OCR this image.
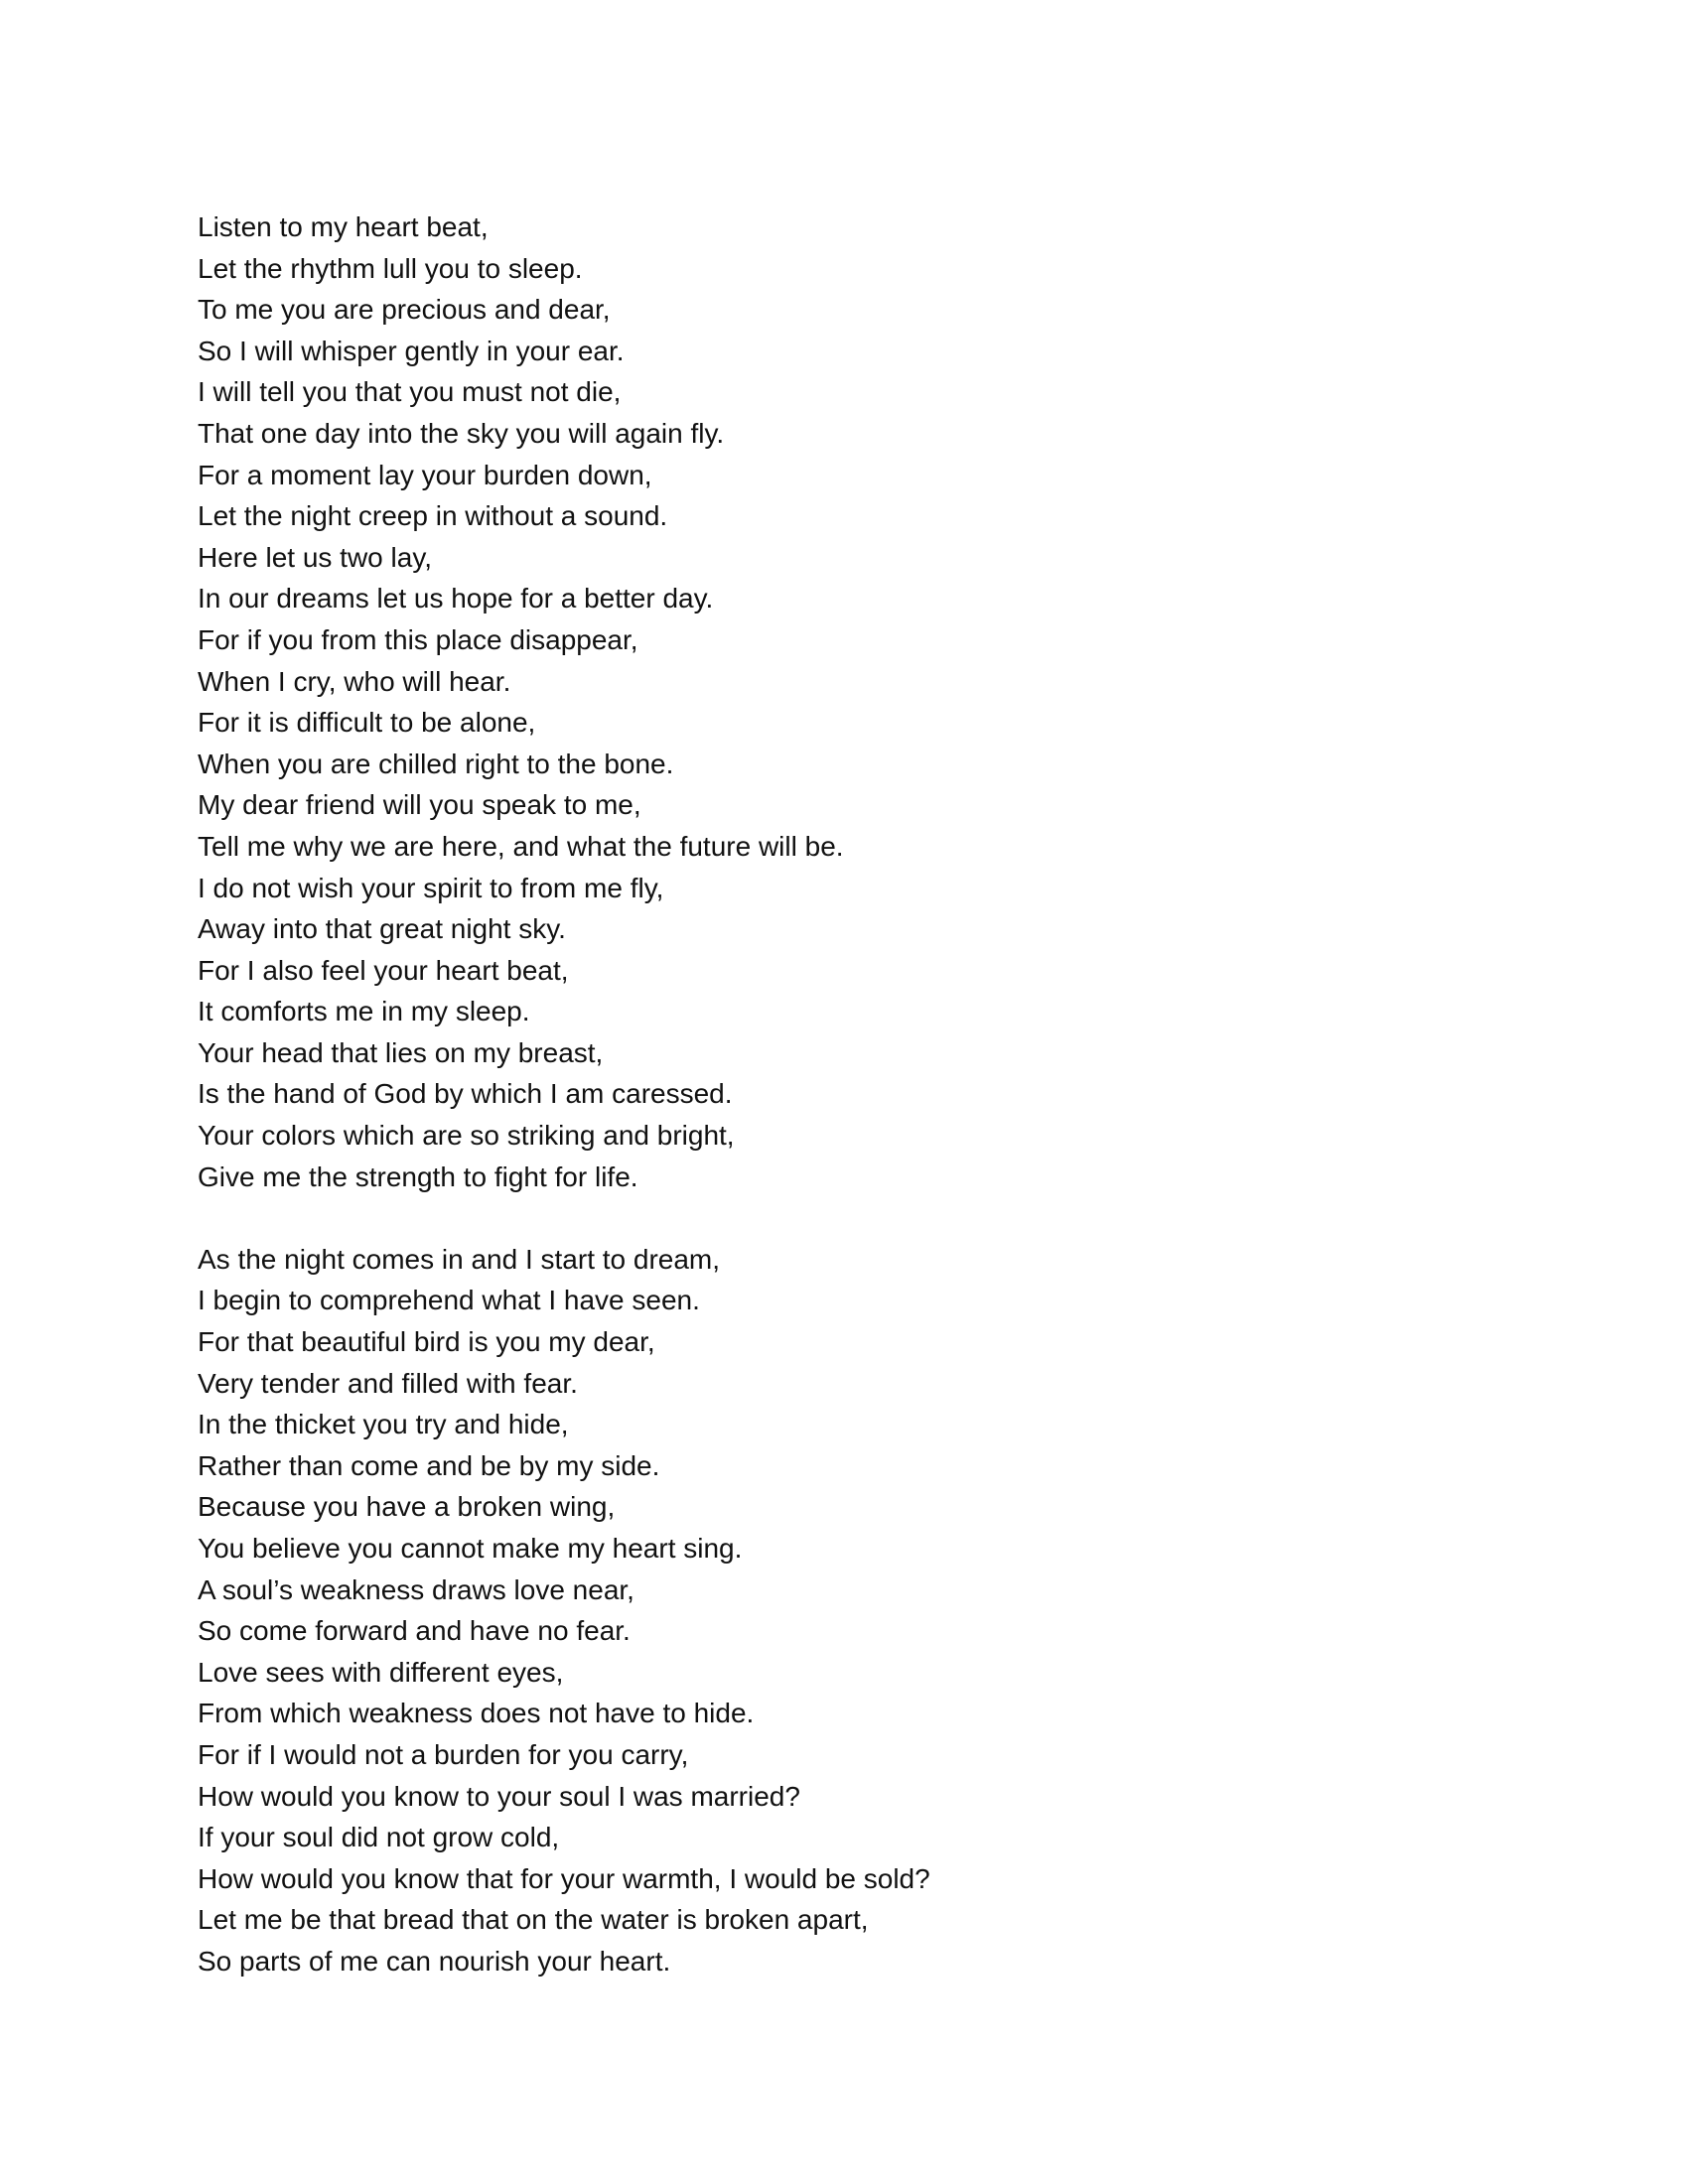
Listen to my heart beat,
Let the rhythm lull you to sleep.
To me you are precious and dear,
So I will whisper gently in your ear.
I will tell you that you must not die,
That one day into the sky you will again fly.
For a moment lay your burden down,
Let the night creep in without a sound.
Here let us two lay,
In our dreams let us hope for a better day.
For if you from this place disappear,
When I cry, who will hear.
For it is difficult to be alone,
When you are chilled right to the bone.
My dear friend will you speak to me,
Tell me why we are here, and what the future will be.
I do not wish your spirit to from me fly,
Away into that great night sky.
For I also feel your heart beat,
It comforts me in my sleep.
Your head that lies on my breast,
Is the hand of God by which I am caressed.
Your colors which are so striking and bright,
Give me the strength to fight for life.
As the night comes in and I start to dream,
I begin to comprehend what I have seen.
For that beautiful bird is you my dear,
Very tender and filled with fear.
In the thicket you try and hide,
Rather than come and be by my side.
Because you have a broken wing,
You believe you cannot make my heart sing.
A soul’s weakness draws love near,
So come forward and have no fear.
Love sees with different eyes,
From which weakness does not have to hide.
For if I would not a burden for you carry,
How would you know to your soul I was married?
If your soul did not grow cold,
How would you know that for your warmth, I would be sold?
Let me be that bread that on the water is broken apart,
So parts of me can nourish your heart.
